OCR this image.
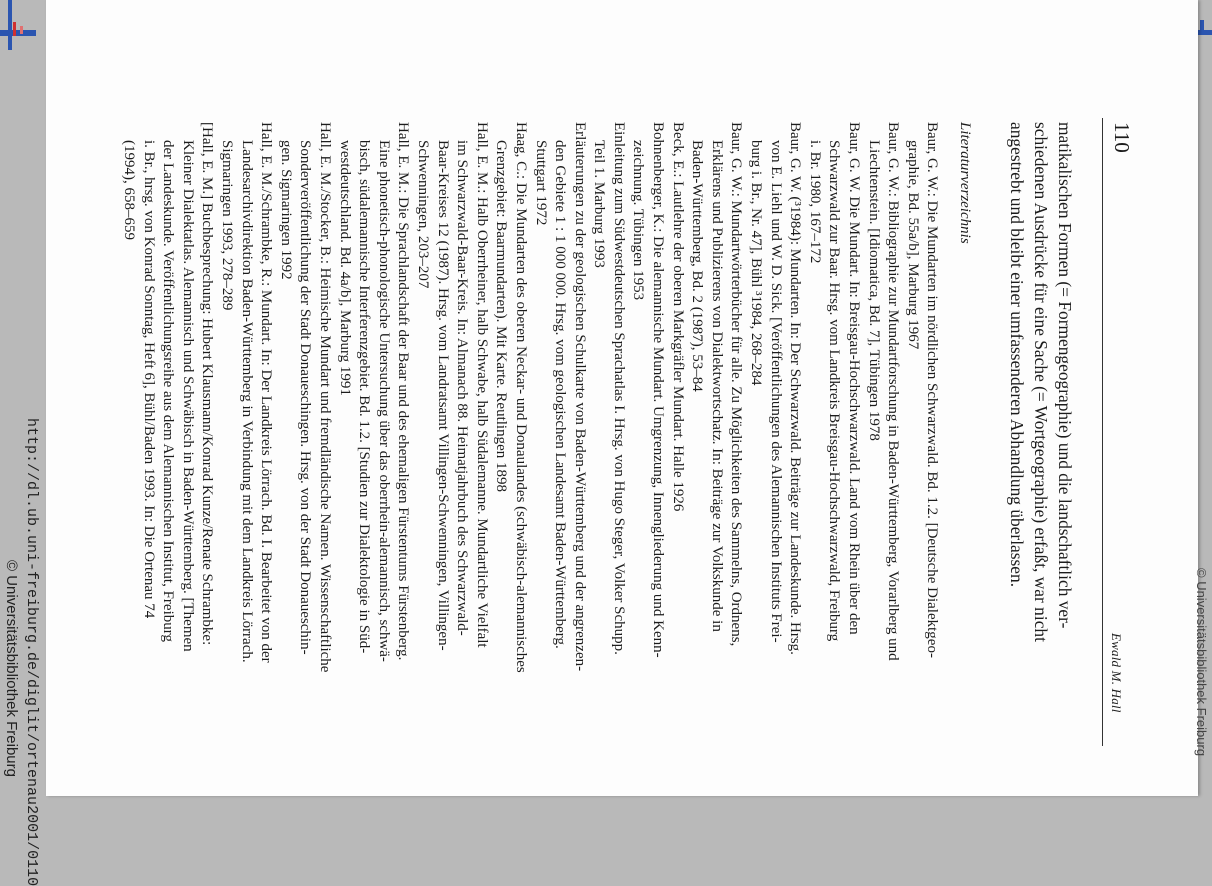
110
Ewald M. Hall
matikalischen Formen (= Formengeographie) und die landschaftlich ver-
schiedenen Ausdrücke für eine Sache (= Wortgeographie) erfaßt, war nicht
angestrebt und bleibt einer umfassenderen Abhandlung überlassen.
Literaturverzeichnis
Baur, G. W.: Die Mundarten im nördlichen Schwarzwald. Bd. 1.2. [Deutsche Dialektgeo-
graphie, Bd. 55a/b], Marburg 1967
Baur, G. W.: Bibliographie zur Mundartforschung in Baden-Württemberg, Vorarlberg und
Liechtenstein. [Idiomatica, Bd. 7], Tübingen 1978
Baur, G. W. Die Mundart. In: Breisgau-Hochschwarzwald. Land vom Rhein über den
Schwarzwald zur Baar. Hrsg. vom Landkreis Breisgau-Hochschwarzwald, Freiburg
i. Br. 1980, 167–172
Baur, G. W. (³1984): Mundarten. In: Der Schwarzwald. Beiträge zur Landeskunde. Hrsg.
von E. Liehl und W. D. Sick. [Veröffentlichungen des Alemannischen Instituts Frei-
burg i. Br., Nr. 47], Bühl ³1984, 268–284
Baur, G. W.: Mundartwörterbücher für alle. Zu Möglichkeiten des Sammelns, Ordnens,
Erklärens und Publizierens von Dialektwortschatz. In: Beiträge zur Volkskunde in
Baden-Württemberg, Bd. 2 (1987), 53–84
Beck, E.: Lautlehre der oberen Markgräfler Mundart. Halle 1926
Bohnenberger, K.: Die alemannische Mundart. Umgrenzung, Innengliederung und Kenn-
zeichnung. Tübingen 1953
Einleitung zum Südwestdeutschen Sprachatlas I. Hrsg. von Hugo Steger, Volker Schupp.
Teil 1. Marburg 1993
Erläuterungen zu der geologischen Schulkarte von Baden-Württemberg und der angrenzen-
den Gebiete 1 : 1 000 000. Hrsg. vom geologischen Landesamt Baden-Württemberg.
Stuttgart 1972
Haag, C.: Die Mundarten des oberen Neckar- und Donaulandes (schwäbisch-alemannisches
Grenzgebiet: Baarmundarten). Mit Karte. Reutlingen 1898
Hall, E. M.: Halb Oberrheiner, halb Schwabe, halb Südalemanne. Mundartliche Vielfalt
im Schwarzwald-Baar-Kreis. In: Almanach 88. Heimatjahrbuch des Schwarzwald-
Baar-Kreises 12 (1987). Hrsg. vom Landratsamt Villingen-Schwenningen, Villingen-
Schwenningen, 203–207
Hall, E. M.: Die Sprachlandschaft der Baar und des ehemaligen Fürstentums Fürstenberg.
Eine phonetisch-phonologische Untersuchung über das oberrhein-alemannisch, schwä-
bisch, südalemannische Interferenzgebiet. Bd. 1.2. [Studien zur Dialektologie in Süd-
westdeutschland. Bd. 4a/b], Marburg 1991
Hall, E. M./Stocker, B.: Heimische Mundart und fremdländische Namen. Wissenschaftliche
Sonderveröffentlichung der Stadt Donaueschingen. Hrsg. von der Stadt Donaueschin-
gen. Sigmaringen 1992
Hall, E. M./Schrambke, R.: Mundart. In: Der Landkreis Lörrach. Bd. I. Bearbeitet von der
Landesarchivdirektion Baden-Württemberg in Verbindung mit dem Landkreis Lörrach.
Sigmaringen 1993, 278–289
[Hall, E. M.] Buchbesprechung: Hubert Klausmann/Konrad Kunze/Renate Schrambke:
Kleiner Dialektatlas. Alemannisch und Schwäbisch in Baden-Württemberg. [Themen
der Landeskunde. Veröffentlichungsreihe aus dem Alemannischen Institut, Freiburg
i. Br., hrsg. von Konrad Sonntag, Heft 6], Bühl/Baden 1993. In: Die Ortenau 74
(1994), 658–659
http://dl.ub.uni-freiburg.de/diglit/ortenau2001/0110
© Universitätsbibliothek Freiburg	© Universitätsbibliothek Freiburg
